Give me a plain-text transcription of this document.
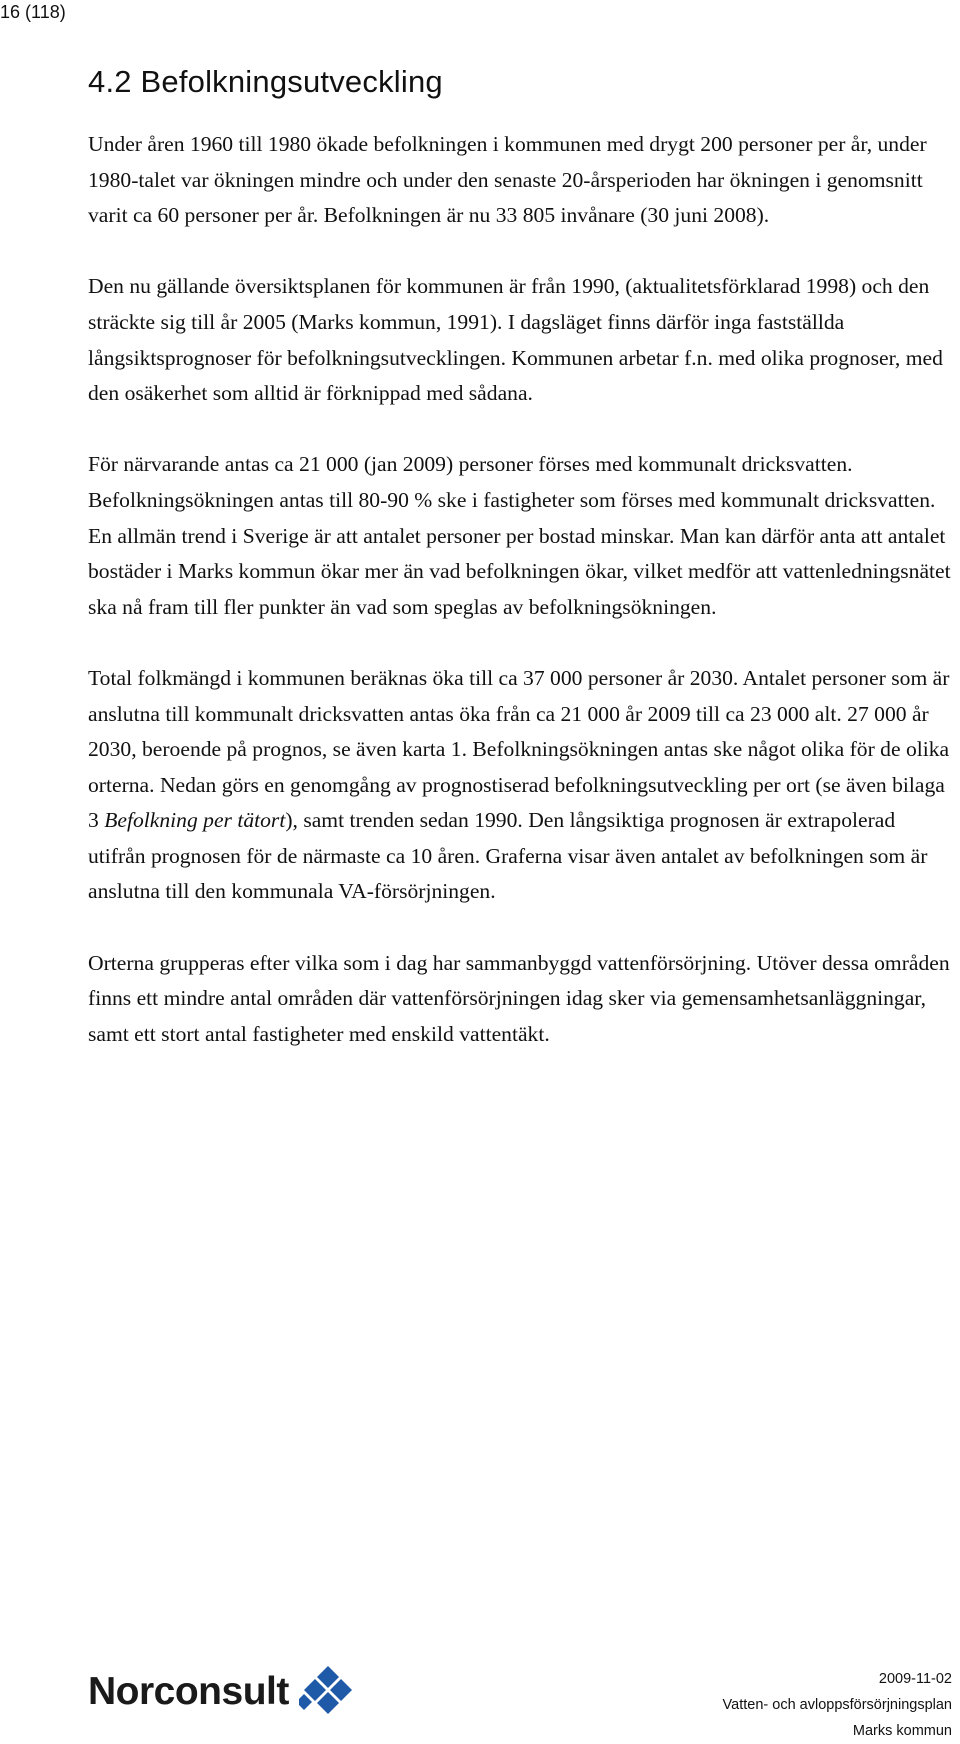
16 (118)
4.2 Befolkningsutveckling

Under åren 1960 till 1980 ökade befolkningen i kommunen med drygt 200 personer per år, under 1980-talet var ökningen mindre och under den senaste 20-årsperioden har ökningen i genomsnitt varit ca 60 personer per år. Befolkningen är nu 33 805 invånare (30 juni 2008).

Den nu gällande översiktsplanen för kommunen är från 1990, (aktualitetsförklarad 1998) och den sträckte sig till år 2005 (Marks kommun, 1991). I dagsläget finns därför inga fastställda långsiktsprognoser för befolkningsutvecklingen. Kommunen arbetar f.n. med olika prognoser, med den osäkerhet som alltid är förknippad med sådana.

För närvarande antas ca 21 000 (jan 2009) personer förses med kommunalt dricksvatten. Befolkningsökningen antas till 80-90 % ske i fastigheter som förses med kommunalt dricksvatten. En allmän trend i Sverige är att antalet personer per bostad minskar. Man kan därför anta att antalet bostäder i Marks kommun ökar mer än vad befolkningen ökar, vilket medför att vattenledningsnätet ska nå fram till fler punkter än vad som speglas av befolkningsökningen.

Total folkmängd i kommunen beräknas öka till ca 37 000 personer år 2030. Antalet personer som är anslutna till kommunalt dricksvatten antas öka från ca 21 000 år 2009 till ca 23 000 alt. 27 000 år 2030, beroende på prognos, se även karta 1. Befolkningsökningen antas ske något olika för de olika orterna. Nedan görs en genomgång av prognostiserad befolkningsutveckling per ort (se även bilaga 3 Befolkning per tätort), samt trenden sedan 1990. Den långsiktiga prognosen är extrapolerad utifrån prognosen för de närmaste ca 10 åren. Graferna visar även antalet av befolkningen som är anslutna till den kommunala VA-försörjningen.

Orterna grupperas efter vilka som i dag har sammanbyggd vattenförsörjning. Utöver dessa områden finns ett mindre antal områden där vattenförsörjningen idag sker via gemensamhetsanläggningar, samt ett stort antal fastigheter med enskild vattentäkt.

Norconsult	2009-11-02
Vatten- och avloppsförsörjningsplan
Marks kommun
